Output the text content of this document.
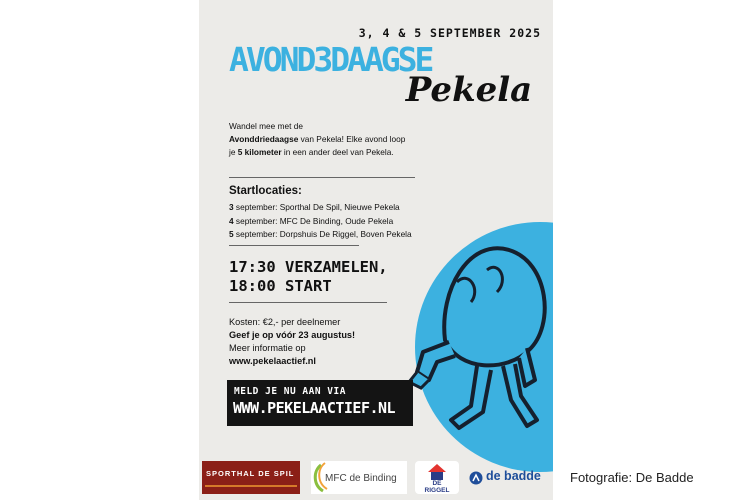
3, 4 & 5 SEPTEMBER 2025
AVOND3DAAGSE
Pekela

Wandel mee met de
Avonddriedaagse van Pekela! Elke avond loop je 5 kilometer in een ander deel van Pekela.

Startlocaties:
3 september: Sporthal De Spil, Nieuwe Pekela
4 september: MFC De Binding, Oude Pekela
5 september: Dorpshuis De Riggel, Boven Pekela
17:30 VERZAMELEN,
18:00 START
Kosten: €2,- per deelnemer
Geef je op vóór 23 augustus!
Meer informatie op
www.pekelaactief.nl
MELD JE NU AAN VIA
WWW.PEKELAACTIEF.NL
SPORTHAL DE SPIL	MFC de Binding	DE
RIGGEL
de badde Fotografie: De Badde
